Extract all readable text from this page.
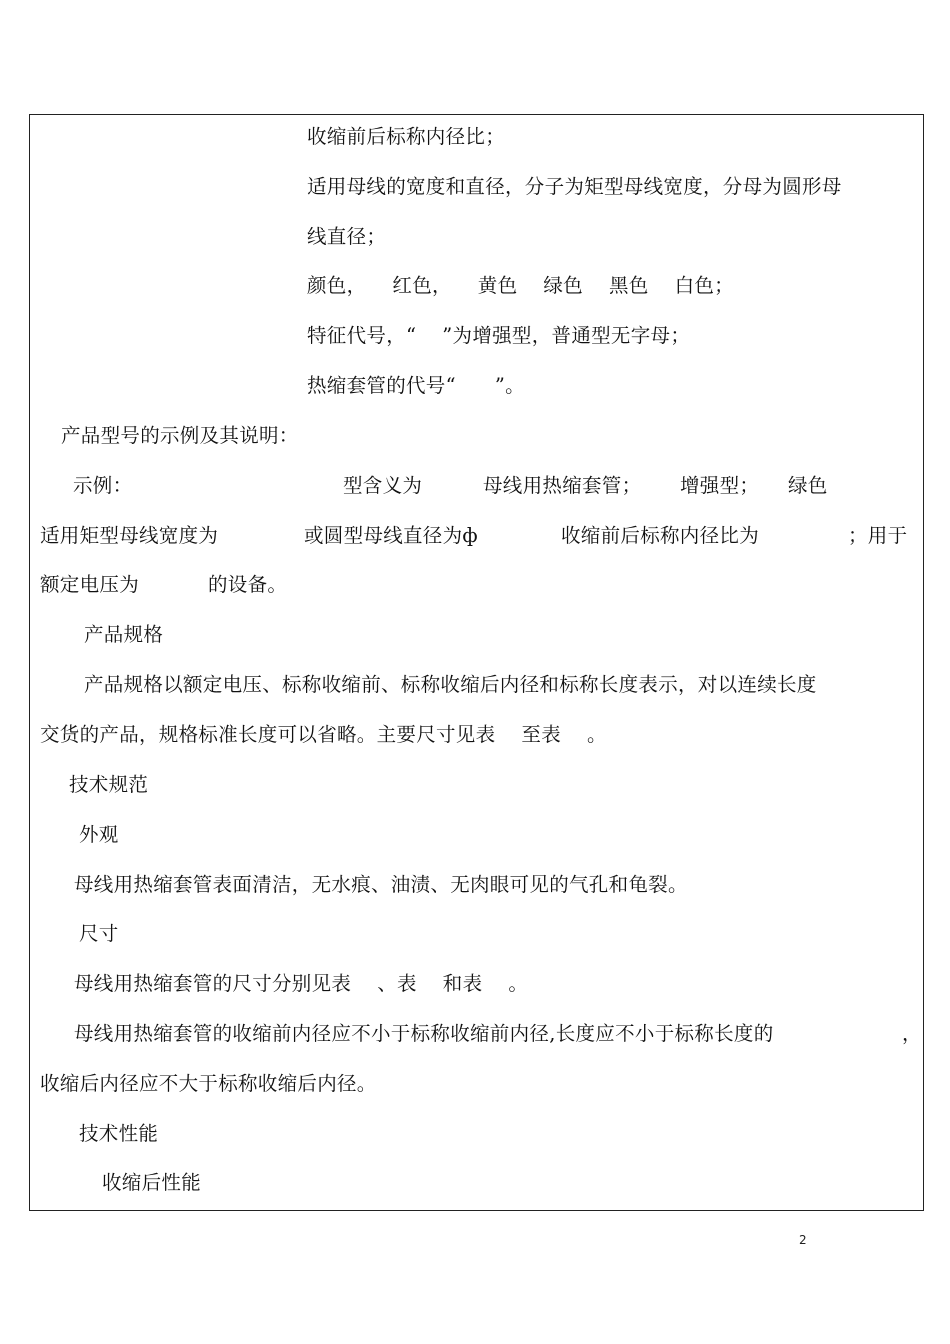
收缩前后标称内径比；
适用母线的宽度和直径，分子为矩型母线宽度，分母为圆形母
线直径；
颜色，    红色，    黄色    绿色    黑色    白色；
特征代号，“    ”为增强型，普通型无字母；
热缩套管的代号“      ”。
产品型号的示例及其说明：
示例：	型含义为	母线用热缩套管； 增强型； 绿色
适用矩型母线宽度为	或圆型母线直径为ф	收缩前后标称内径比为	；用于
额定电压为	的设备。
产品规格
产品规格以额定电压、标称收缩前、标称收缩后内径和标称长度表示，对以连续长度
交货的产品，规格标准长度可以省略。主要尺寸见表    至表    。
技术规范
外观
母线用热缩套管表面清洁，无水痕、油渍、无肉眼可见的气孔和龟裂。
尺寸
母线用热缩套管的尺寸分别见表    、表    和表    。
母线用热缩套管的收缩前内径应不小于标称收缩前内径,长度应不小于标称长度的	，
收缩后内径应不大于标称收缩后内径。
技术性能
收缩后性能
2
